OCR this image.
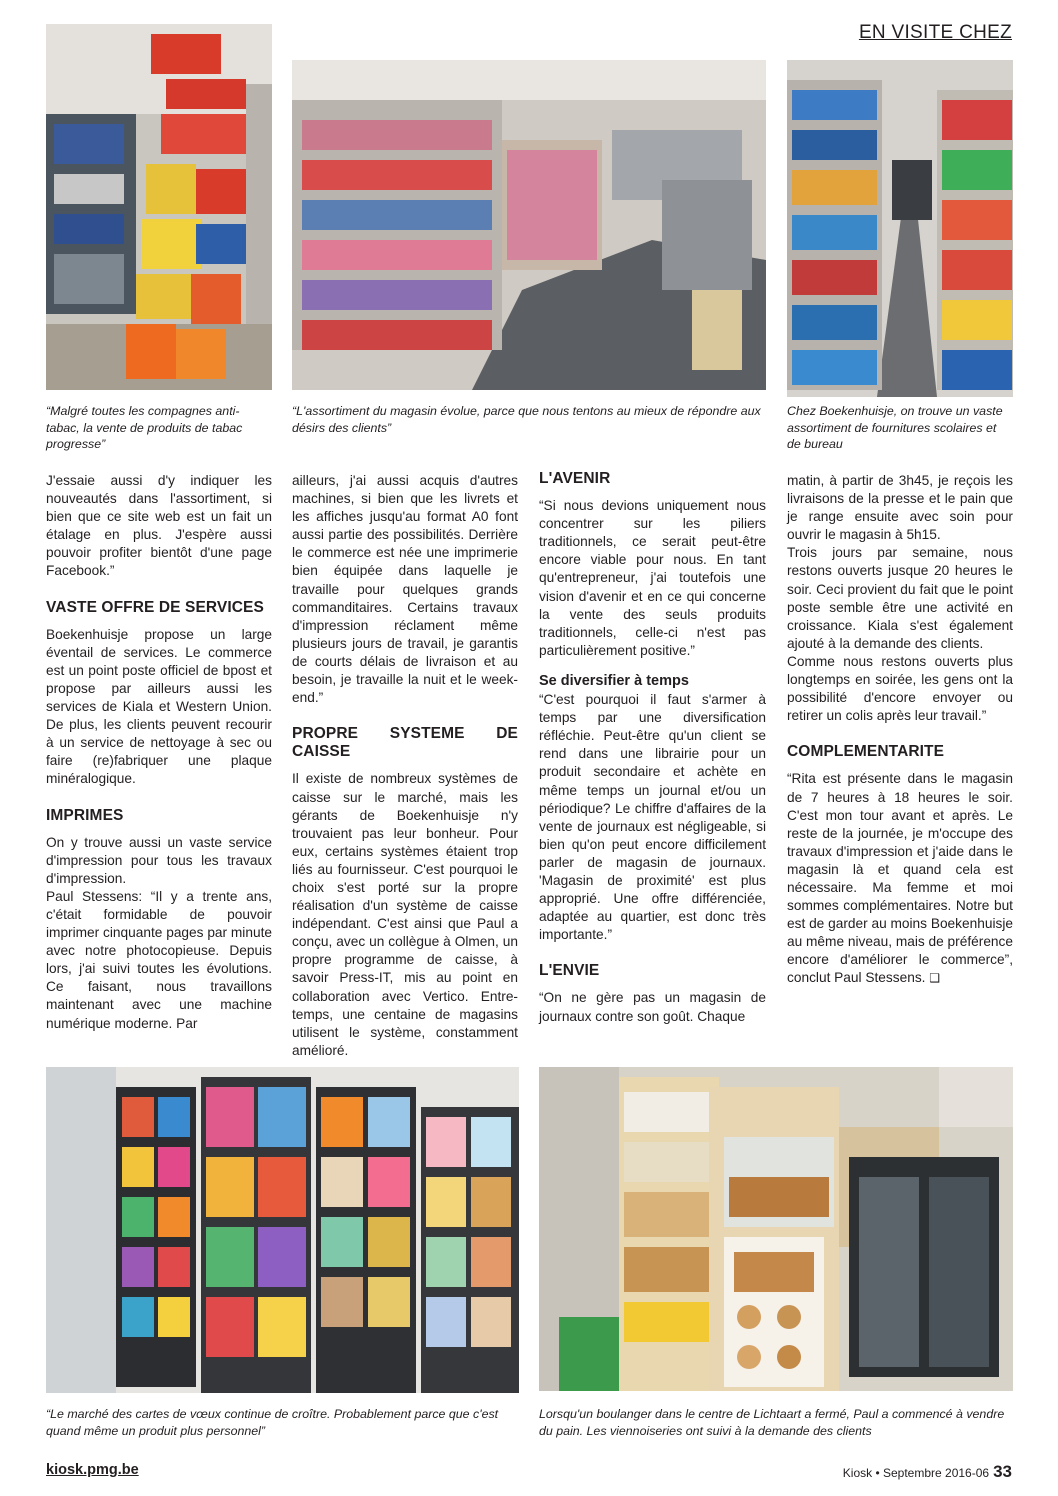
EN VISITE CHEZ
“Malgré toutes les compagnes anti-tabac, la vente de produits de tabac progresse”
“L'assortiment du magasin évolue, parce que nous tentons au mieux de répondre aux désirs des clients”
Chez Boekenhuisje, on trouve un vaste assortiment de fournitures scolaires et de bureau

J'essaie aussi d'y indiquer les nouveautés dans l'assortiment, si bien que ce site web est un fait un étalage en plus. J'espère aussi pouvoir profiter bientôt d'une page Facebook.”

VASTE OFFRE DE SERVICES

Boekenhuisje propose un large éventail de services. Le commerce est un point poste officiel de bpost et propose par ailleurs aussi les services de Kiala et Western Union. De plus, les clients peuvent recourir à un service de nettoyage à sec ou faire (re)fabriquer une plaque minéralogique.

IMPRIMES

On y trouve aussi un vaste service d'impression pour tous les travaux d'impression.

Paul Stessens: “Il y a trente ans, c'était formidable de pouvoir imprimer cinquante pages par minute avec notre photocopieuse. Depuis lors, j'ai suivi toutes les évolutions. Ce faisant, nous travaillons maintenant avec une machine numérique moderne. Par

ailleurs, j'ai aussi acquis d'autres machines, si bien que les livrets et les affiches jusqu'au format A0 font aussi partie des possibilités. Derrière le commerce est née une imprimerie bien équipée dans laquelle je travaille pour quelques grands commanditaires. Certains travaux d'impression réclament même plusieurs jours de travail, je garantis de courts délais de livraison et au besoin, je travaille la nuit et le week-end.”

PROPRE SYSTEME DE CAISSE

Il existe de nombreux systèmes de caisse sur le marché, mais les gérants de Boekenhuisje n'y trouvaient pas leur bonheur. Pour eux, certains systèmes étaient trop liés au fournisseur. C'est pourquoi le choix s'est porté sur la propre réalisation d'un système de caisse indépendant. C'est ainsi que Paul a conçu, avec un collègue à Olmen, un propre programme de caisse, à savoir Press-IT, mis au point en collaboration avec Vertico. Entre-temps, une centaine de magasins utilisent le système, constamment amélioré.

L'AVENIR

“Si nous devions uniquement nous concentrer sur les piliers traditionnels, ce serait peut-être encore viable pour nous. En tant qu'entrepreneur, j'ai toutefois une vision d'avenir et en ce qui concerne la vente des seuls produits traditionnels, celle-ci n'est pas particulièrement positive.”

Se diversifier à temps

“C'est pourquoi il faut s'armer à temps par une diversification réfléchie. Peut-être qu'un client se rend dans une librairie pour un produit secondaire et achète en même temps un journal et/ou un périodique? Le chiffre d'affaires de la vente de journaux est négligeable, si bien qu'on peut encore difficilement parler de magasin de journaux. 'Magasin de proximité' est plus approprié. Une offre différenciée, adaptée au quartier, est donc très importante.”

L'ENVIE

“On ne gère pas un magasin de journaux contre son goût. Chaque

matin, à partir de 3h45, je reçois les livraisons de la presse et le pain que je range ensuite avec soin pour ouvrir le magasin à 5h15.

Trois jours par semaine, nous restons ouverts jusque 20 heures le soir. Ceci provient du fait que le point poste semble être une activité en croissance. Kiala s'est également ajouté à la demande des clients.

Comme nous restons ouverts plus longtemps en soirée, les gens ont la possibilité d'encore envoyer ou retirer un colis après leur travail.”

COMPLEMENTARITE

“Rita est présente dans le magasin de 7 heures à 18 heures le soir. C'est mon tour avant et après. Le reste de la journée, je m'occupe des travaux d'impression et j'aide dans le magasin là et quand cela est nécessaire. Ma femme et moi sommes complémentaires. Notre but est de garder au moins Boekenhuisje au même niveau, mais de préférence encore d'améliorer le commerce”, conclut Paul Stessens. ❑

“Le marché des cartes de vœux continue de croître. Probablement parce que c'est quand même un produit plus personnel”
Lorsqu'un boulanger dans le centre de Lichtaart a fermé, Paul a commencé à vendre du pain. Les viennoiseries ont suivi à la demande des clients
kiosk.pmg.be	Kiosk • Septembre 2016-06 33
